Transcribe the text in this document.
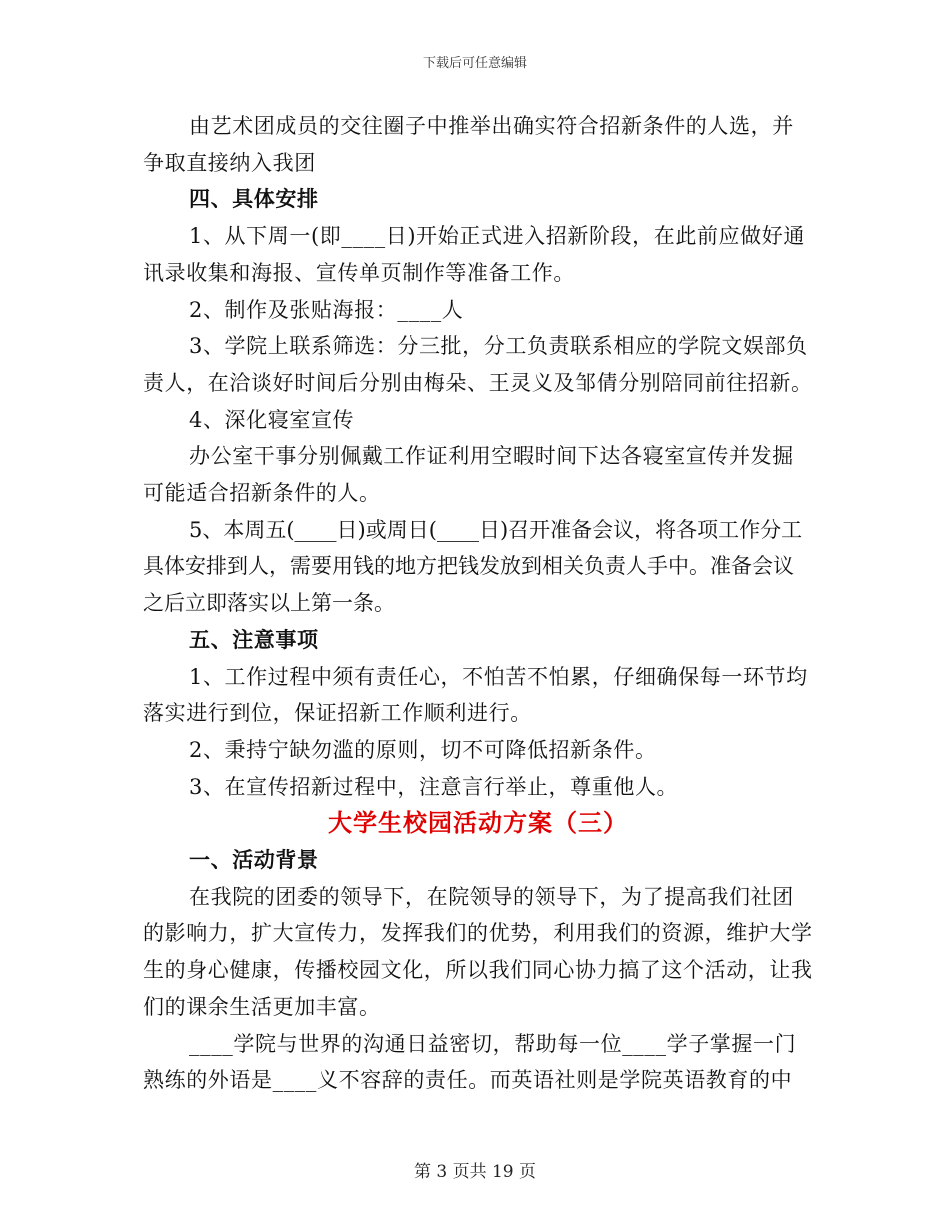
下载后可任意编辑

由艺术团成员的交往圈子中推举出确实符合招新条件的人选，并争取直接纳入我团

四、具体安排

1、从下周一(即____日)开始正式进入招新阶段，在此前应做好通讯录收集和海报、宣传单页制作等准备工作。

2、制作及张贴海报：____人

3、学院上联系筛选：分三批，分工负责联系相应的学院文娱部负责人，在洽谈好时间后分别由梅朵、王灵义及邹倩分别陪同前往招新。

4、深化寝室宣传

办公室干事分别佩戴工作证利用空暇时间下达各寝室宣传并发掘可能适合招新条件的人。

5、本周五(____日)或周日(____日)召开准备会议，将各项工作分工具体安排到人，需要用钱的地方把钱发放到相关负责人手中。准备会议之后立即落实以上第一条。

五、注意事项

1、工作过程中须有责任心，不怕苦不怕累，仔细确保每一环节均落实进行到位，保证招新工作顺利进行。

2、秉持宁缺勿滥的原则，切不可降低招新条件。

3、在宣传招新过程中，注意言行举止，尊重他人。

大学生校园活动方案（三）

一、活动背景

在我院的团委的领导下，在院领导的领导下，为了提高我们社团的影响力，扩大宣传力，发挥我们的优势，利用我们的资源，维护大学生的身心健康，传播校园文化，所以我们同心协力搞了这个活动，让我们的课余生活更加丰富。

____学院与世界的沟通日益密切，帮助每一位____学子掌握一门熟练的外语是____义不容辞的责任。而英语社则是学院英语教育的中

第 3 页共 19 页
